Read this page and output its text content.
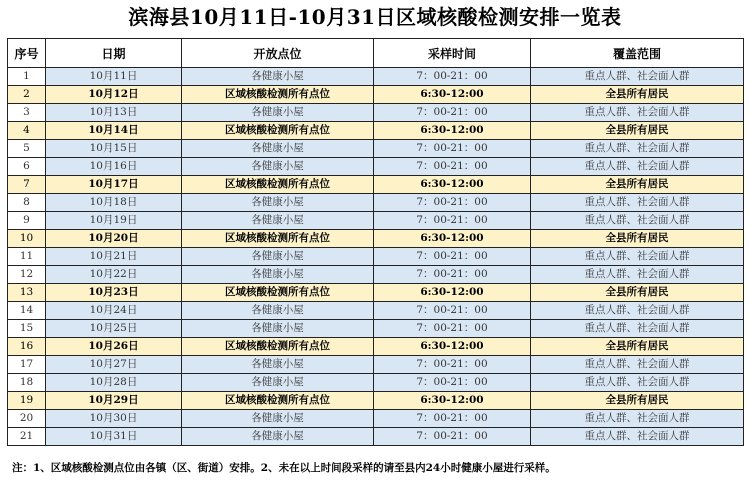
滨海县10月11日-10月31日区域核酸检测安排一览表
序号	日期	开放点位	采样时间	覆盖范围
1	10月11日	各健康小屋	7：00-21：00	重点人群、社会面人群
2	10月12日	区域核酸检测所有点位	6:30-12:00	全县所有居民
3	10月13日	各健康小屋	7：00-21：00	重点人群、社会面人群
4	10月14日	区域核酸检测所有点位	6:30-12:00	全县所有居民
5	10月15日	各健康小屋	7：00-21：00	重点人群、社会面人群
6	10月16日	各健康小屋	7：00-21：00	重点人群、社会面人群
7	10月17日	区域核酸检测所有点位	6:30-12:00	全县所有居民
8	10月18日	各健康小屋	7：00-21：00	重点人群、社会面人群
9	10月19日	各健康小屋	7：00-21：00	重点人群、社会面人群
10	10月20日	区域核酸检测所有点位	6:30-12:00	全县所有居民
11	10月21日	各健康小屋	7：00-21：00	重点人群、社会面人群
12	10月22日	各健康小屋	7：00-21：00	重点人群、社会面人群
13	10月23日	区域核酸检测所有点位	6:30-12:00	全县所有居民
14	10月24日	各健康小屋	7：00-21：00	重点人群、社会面人群
15	10月25日	各健康小屋	7：00-21：00	重点人群、社会面人群
16	10月26日	区域核酸检测所有点位	6:30-12:00	全县所有居民
17	10月27日	各健康小屋	7：00-21：00	重点人群、社会面人群
18	10月28日	各健康小屋	7：00-21：00	重点人群、社会面人群
19	10月29日	区域核酸检测所有点位	6:30-12:00	全县所有居民
20	10月30日	各健康小屋	7：00-21：00	重点人群、社会面人群
21	10月31日	各健康小屋	7：00-21：00	重点人群、社会面人群
注：1、区域核酸检测点位由各镇（区、街道）安排。2、未在以上时间段采样的请至县内24小时健康小屋进行采样。
